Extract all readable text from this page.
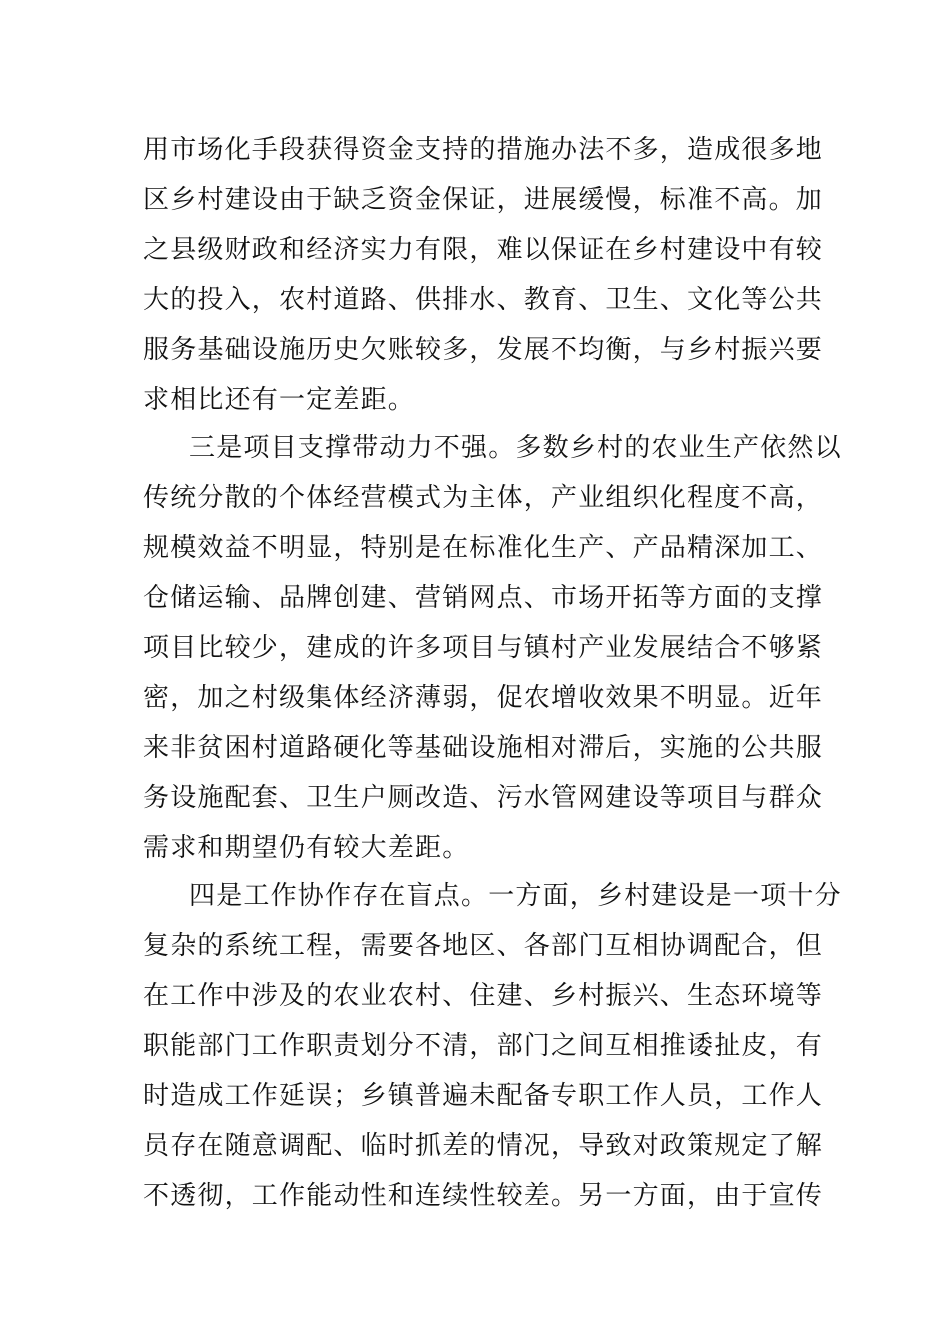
用市场化手段获得资金支持的措施办法不多，造成很多地
区乡村建设由于缺乏资金保证，进展缓慢，标准不高。加
之县级财政和经济实力有限，难以保证在乡村建设中有较
大的投入，农村道路、供排水、教育、卫生、文化等公共
服务基础设施历史欠账较多，发展不均衡，与乡村振兴要
求相比还有一定差距。
三是项目支撑带动力不强。多数乡村的农业生产依然以
传统分散的个体经营模式为主体，产业组织化程度不高，
规模效益不明显，特别是在标准化生产、产品精深加工、
仓储运输、品牌创建、营销网点、市场开拓等方面的支撑
项目比较少，建成的许多项目与镇村产业发展结合不够紧
密，加之村级集体经济薄弱，促农增收效果不明显。近年
来非贫困村道路硬化等基础设施相对滞后，实施的公共服
务设施配套、卫生户厕改造、污水管网建设等项目与群众
需求和期望仍有较大差距。
四是工作协作存在盲点。一方面，乡村建设是一项十分
复杂的系统工程，需要各地区、各部门互相协调配合，但
在工作中涉及的农业农村、住建、乡村振兴、生态环境等
职能部门工作职责划分不清，部门之间互相推诿扯皮，有
时造成工作延误；乡镇普遍未配备专职工作人员，工作人
员存在随意调配、临时抓差的情况，导致对政策规定了解
不透彻，工作能动性和连续性较差。另一方面，由于宣传
